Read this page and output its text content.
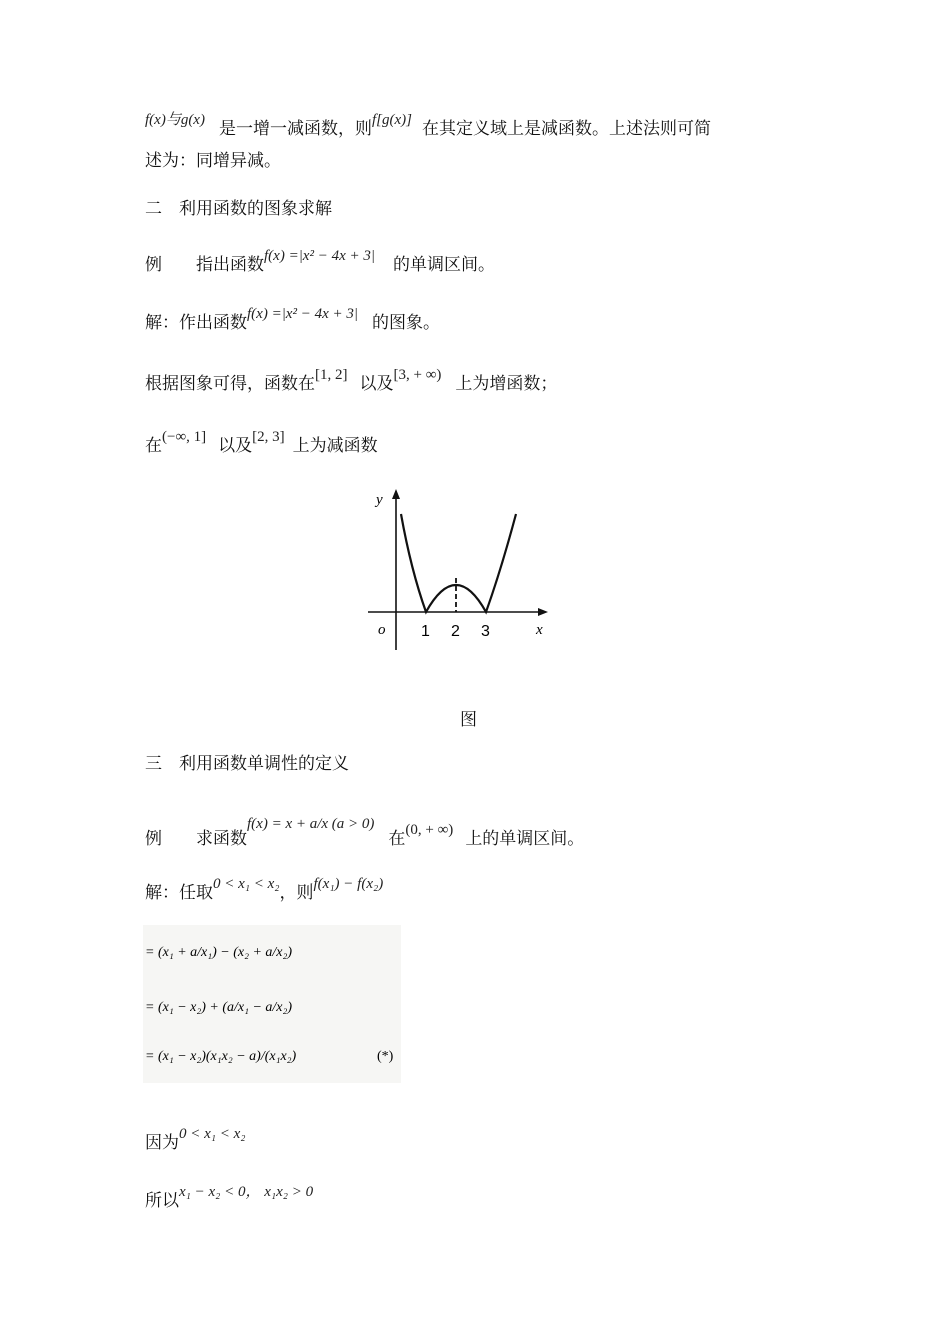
f(x)与g(x) 是一增一减函数，则f[g(x)] 在其定义域上是减函数。上述法则可简
述为：同增异减。
二　利用函数的图象求解
例 指出函数f(x) =|x² − 4x + 3| 的单调区间。
解：作出函数f(x) =|x² − 4x + 3| 的图象。
根据图象可得，函数在[1, 2] 以及[3, + ∞) 上为增函数；
在(−∞, 1] 以及[2, 3] 上为减函数
y
x
o 1 2 3
图
三　利用函数单调性的定义
例 求函数f(x) = x + a/x (a > 0)在(0, + ∞) 上的单调区间。
解：任取0 < x₁ < x₂，则f(x₁) − f(x₂)
= (x₁ + a/x₁) − (x₂ + a/x₂)
= (x₁ − x₂) + (a/x₁ − a/x₂)
= (x₁ − x₂)(x₁x₂ − a)/(x₁x₂)	(*)
因为0 < x₁ < x₂
所以x₁ − x₂ < 0， x₁x₂ > 0
